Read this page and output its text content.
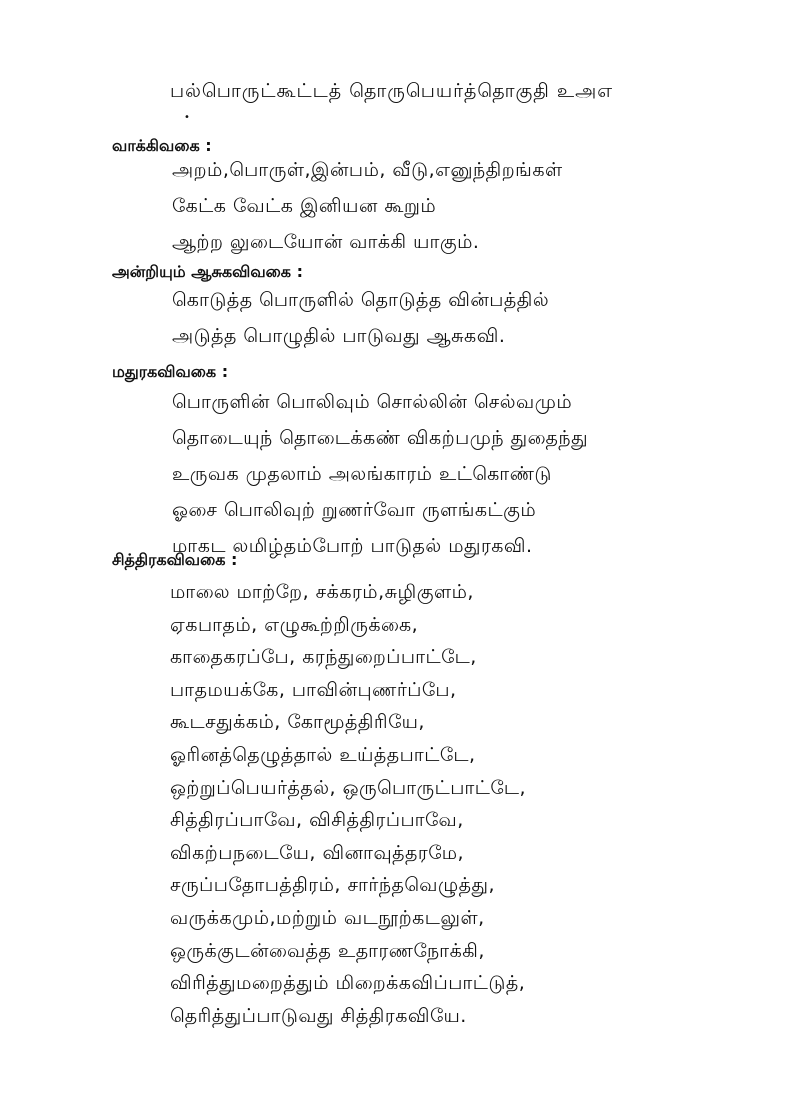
பல்பொருட்கூட்டத் தொருபெயர்த்தொகுதி உஅஎ
•
வாக்கிவகை :
அறம்,பொருள்,இன்பம், வீடு,எனுந்திறங்கள்
கேட்க வேட்க இனியன கூறும்
ஆற்ற லுடையோன் வாக்கி யாகும்.
அன்றியும் ஆசுகவிவகை :
கொடுத்த பொருளில் தொடுத்த வின்பத்தில்
அடுத்த பொழுதில் பாடுவது ஆசுகவி.
மதுரகவிவகை :
பொருளின் பொலிவும் சொல்லின் செல்வமும்
தொடையுந் தொடைக்கண் விகற்பமுந் துதைந்து
உருவக முதலாம் அலங்காரம் உட்கொண்டு
ஓசை பொலிவுற் றுணர்வோ ருளங்கட்கும்
மாகட லமிழ்தம்போற் பாடுதல் மதுரகவி.
சித்திரகவிவகை :
மாலை மாற்றே, சக்கரம்,சுழிகுளம்,
ஏகபாதம், எழுகூற்றிருக்கை,
காதைகரப்பே, கரந்துறைப்பாட்டே,
பாதமயக்கே, பாவின்புணர்ப்பே,
கூடசதுக்கம், கோமூத்திரியே,
ஓரினத்தெழுத்தால் உய்த்தபாட்டே,
ஒற்றுப்பெயர்த்தல், ஒருபொருட்பாட்டே,
சித்திரப்பாவே, விசித்திரப்பாவே,
விகற்பநடையே, வினாவுத்தரமே,
சருப்பதோபத்திரம், சார்ந்தவெழுத்து,
வருக்கமும்,மற்றும் வடநூற்கடலுள்,
ஒருக்குடன்வைத்த உதாரணநோக்கி,
விரித்துமறைத்தும் மிறைக்கவிப்பாட்டுத்,
தெரித்துப்பாடுவது சித்திரகவியே.
